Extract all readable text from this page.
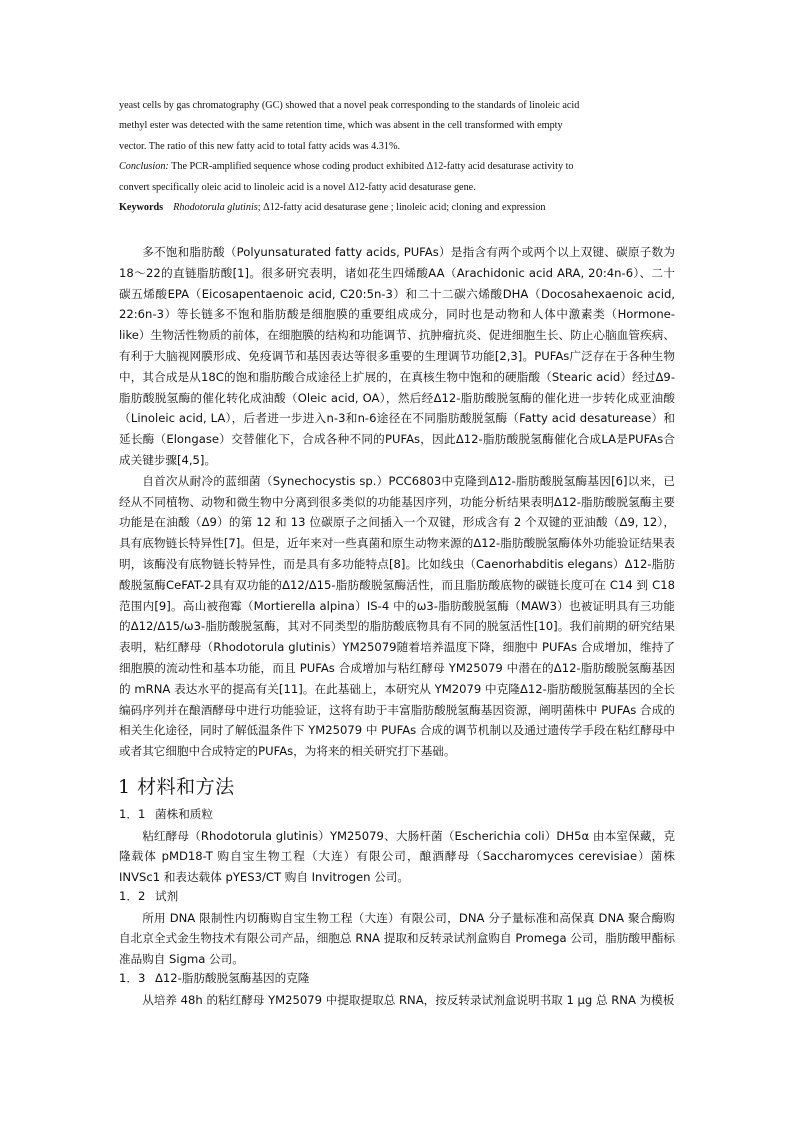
yeast cells by gas chromatography (GC) showed that a novel peak corresponding to the standards of linoleic acid
methyl ester was detected with the same retention time, which was absent in the cell transformed with empty
vector. The ratio of this new fatty acid to total fatty acids was 4.31%.
Conclusion: The PCR-amplified sequence whose coding product exhibited Δ12-fatty acid desaturase activity to
convert specifically oleic acid to linoleic acid is a novel Δ12-fatty acid desaturase gene.
Keywords Rhodotorula glutinis; Δ12-fatty acid desaturase gene ; linoleic acid; cloning and expression

多不饱和脂肪酸（Polyunsaturated fatty acids, PUFAs）是指含有两个或两个以上双键、碳原子数为18～22的直链脂肪酸[1]。很多研究表明，诸如花生四烯酸AA（Arachidonic acid ARA, 20:4n-6）、二十碳五烯酸EPA（Eicosapentaenoic acid, C20:5n-3）和二十二碳六烯酸DHA（Docosahexaenoic acid, 22:6n-3）等长链多不饱和脂肪酸是细胞膜的重要组成成分，同时也是动物和人体中激素类（Hormone-like）生物活性物质的前体，在细胞膜的结构和功能调节、抗肿瘤抗炎、促进细胞生长、防止心脑血管疾病、有利于大脑视网膜形成、免疫调节和基因表达等很多重要的生理调节功能[2,3]。PUFAs广泛存在于各种生物中，其合成是从18C的饱和脂肪酸合成途径上扩展的，在真核生物中饱和的硬脂酸（Stearic acid）经过Δ9-脂肪酸脱氢酶的催化转化成油酸（Oleic acid, OA），然后经Δ12-脂肪酸脱氢酶的催化进一步转化成亚油酸（Linoleic acid, LA），后者进一步进入n-3和n-6途径在不同脂肪酸脱氢酶（Fatty acid desaturease）和延长酶（Elongase）交替催化下，合成各种不同的PUFAs，因此Δ12-脂肪酸脱氢酶催化合成LA是PUFAs合成关键步骤[4,5]。

自首次从耐冷的蓝细菌（Synechocystis sp.）PCC6803中克隆到Δ12-脂肪酸脱氢酶基因[6]以来，已经从不同植物、动物和微生物中分离到很多类似的功能基因序列，功能分析结果表明Δ12-脂肪酸脱氢酶主要功能是在油酸（Δ9）的第 12 和 13 位碳原子之间插入一个双键，形成含有 2 个双键的亚油酸（Δ9, 12），具有底物链长特异性[7]。但是，近年来对一些真菌和原生动物来源的Δ12-脂肪酸脱氢酶体外功能验证结果表明，该酶没有底物链长特异性，而是具有多功能特点[8]。比如线虫（Caenorhabditis elegans）Δ12-脂肪酸脱氢酶CeFAT-2具有双功能的Δ12/Δ15-脂肪酸脱氢酶活性，而且脂肪酸底物的碳链长度可在 C14 到 C18 范围内[9]。高山被孢霉（Mortierella alpina）IS-4 中的ω3-脂肪酸脱氢酶（MAW3）也被证明具有三功能的Δ12/Δ15/ω3-脂肪酸脱氢酶，其对不同类型的脂肪酸底物具有不同的脱氢活性[10]。我们前期的研究结果表明，粘红酵母（Rhodotorula glutinis）YM25079随着培养温度下降，细胞中 PUFAs 合成增加，维持了细胞膜的流动性和基本功能，而且 PUFAs 合成增加与粘红酵母 YM25079 中潜在的Δ12-脂肪酸脱氢酶基因的 mRNA 表达水平的提高有关[11]。在此基础上，本研究从 YM2079 中克隆Δ12-脂肪酸脱氢酶基因的全长编码序列并在酿酒酵母中进行功能验证，这将有助于丰富脂肪酸脱氢酶基因资源，阐明菌株中 PUFAs 合成的相关生化途径，同时了解低温条件下 YM25079 中 PUFAs 合成的调节机制以及通过遗传学手段在粘红酵母中或者其它细胞中合成特定的PUFAs，为将来的相关研究打下基础。

1 材料和方法
1．1 菌株和质粒

粘红酵母（Rhodotorula glutinis）YM25079、大肠杆菌（Escherichia coli）DH5α 由本室保藏，克隆载体 pMD18-T 购自宝生物工程（大连）有限公司，酿酒酵母（Saccharomyces cerevisiae）菌株 INVSc1 和表达载体 pYES3/CT 购自 Invitrogen 公司。

1．2 试剂

所用 DNA 限制性内切酶购自宝生物工程（大连）有限公司，DNA 分子量标准和高保真 DNA 聚合酶购自北京全式金生物技术有限公司产品，细胞总 RNA 提取和反转录试剂盒购自 Promega 公司，脂肪酸甲酯标准品购自 Sigma 公司。

1．3 Δ12-脂肪酸脱氢酶基因的克隆

从培养 48h 的粘红酵母 YM25079 中提取提取总 RNA，按反转录试剂盒说明书取 1 μg 总 RNA 为模板
